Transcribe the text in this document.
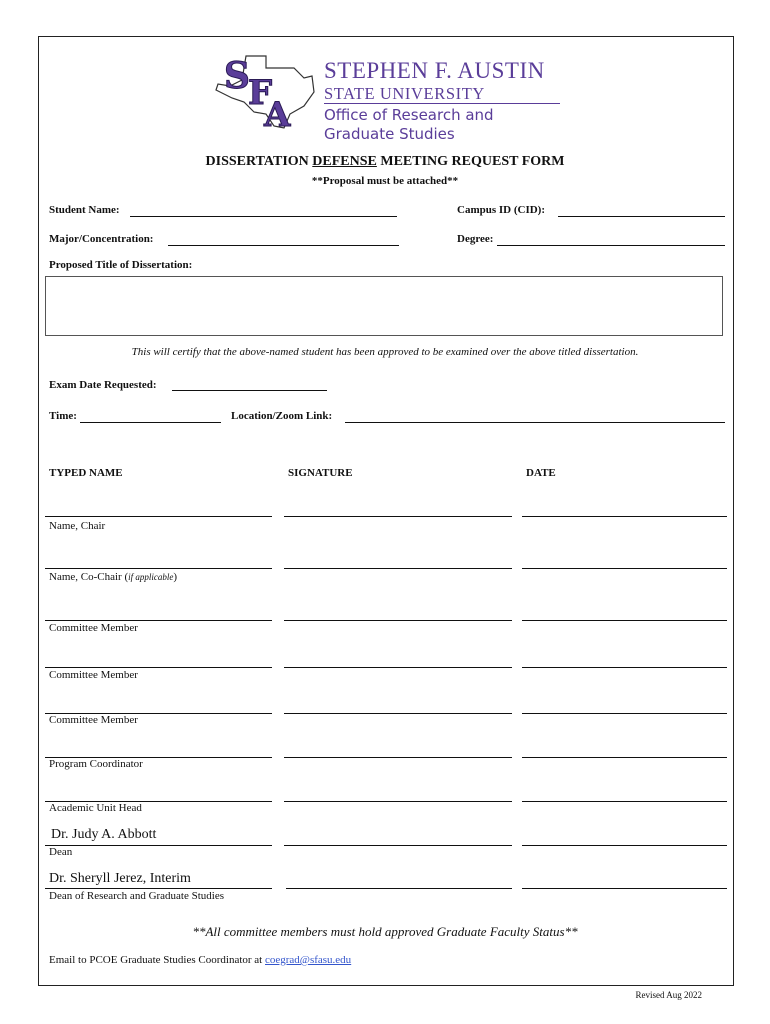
S
F
A
STEPHEN F. AUSTIN
STATE UNIVERSITY
Office of Research and
Graduate Studies
DISSERTATION DEFENSE MEETING REQUEST FORM
**Proposal must be attached**
Student Name:	Campus ID (CID):
Major/Concentration:	Degree:
Proposed Title of Dissertation:
This will certify that the above-named student has been approved to be examined over the above titled dissertation.
Exam Date Requested:
Time:	Location/Zoom Link:
TYPED NAME	SIGNATURE	DATE
Name, Chair
Name, Co-Chair (if applicable)
Committee Member
Committee Member
Committee Member
Program Coordinator
Academic Unit Head
Dr. Judy A. Abbott
Dean
Dr. Sheryll Jerez, Interim
Dean of Research and Graduate Studies
**All committee members must hold approved Graduate Faculty Status**
Email to PCOE Graduate Studies Coordinator at coegrad@sfasu.edu
Revised Aug 2022
